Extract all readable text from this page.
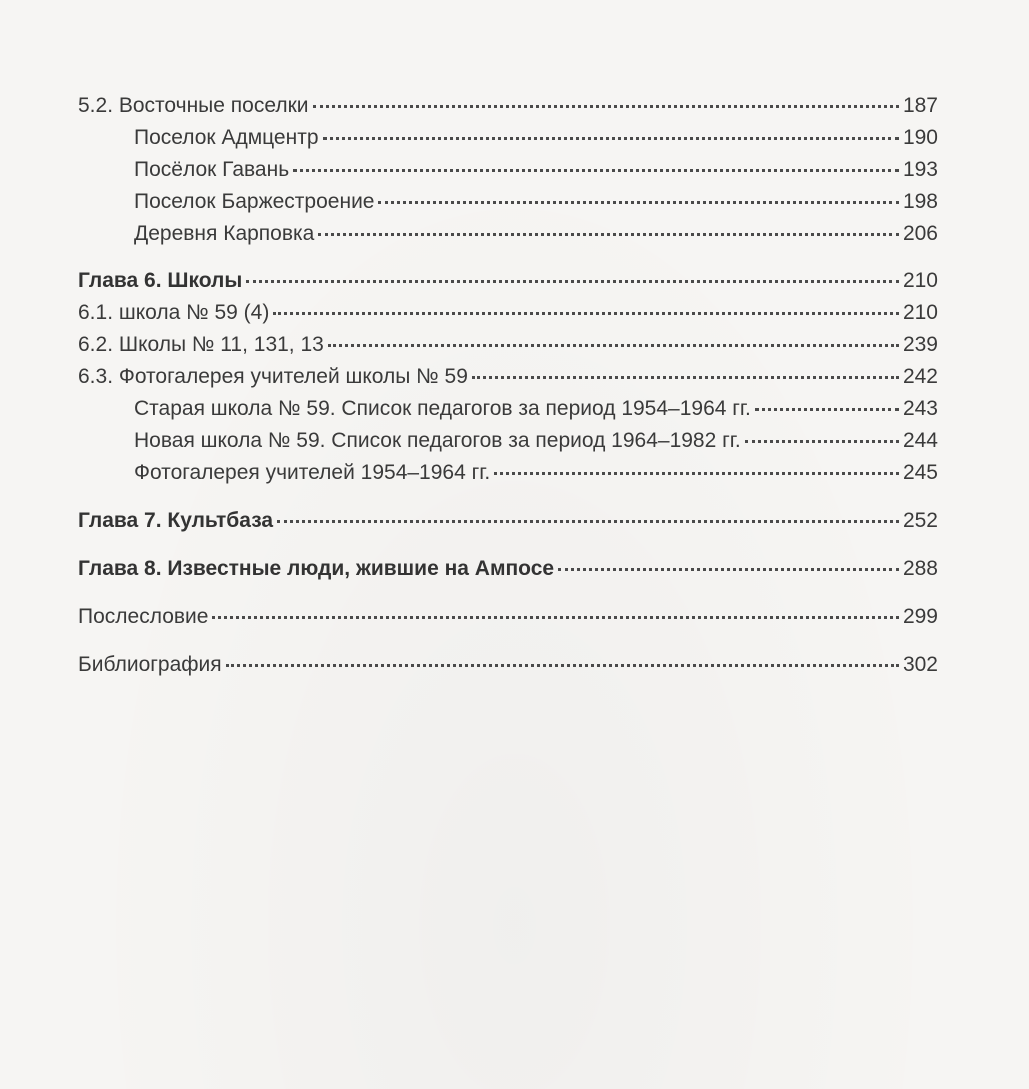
5.2. Восточные поселки	187
Поселок Адмцентр	190
Посёлок Гавань	193
Поселок Баржестроение	198
Деревня Карповка	206
Глава 6. Школы	210
6.1. школа № 59 (4)	210
6.2. Школы № 11, 131, 13	239
6.3. Фотогалерея учителей школы № 59	242
Старая школа № 59. Список педагогов за период 1954–1964 гг.	243
Новая школа № 59. Список педагогов за период 1964–1982 гг.	244
Фотогалерея учителей 1954–1964 гг.	245
Глава 7. Культбаза	252
Глава 8. Известные люди, жившие на Ампосе	288
Послесловие	299
Библиография	302
